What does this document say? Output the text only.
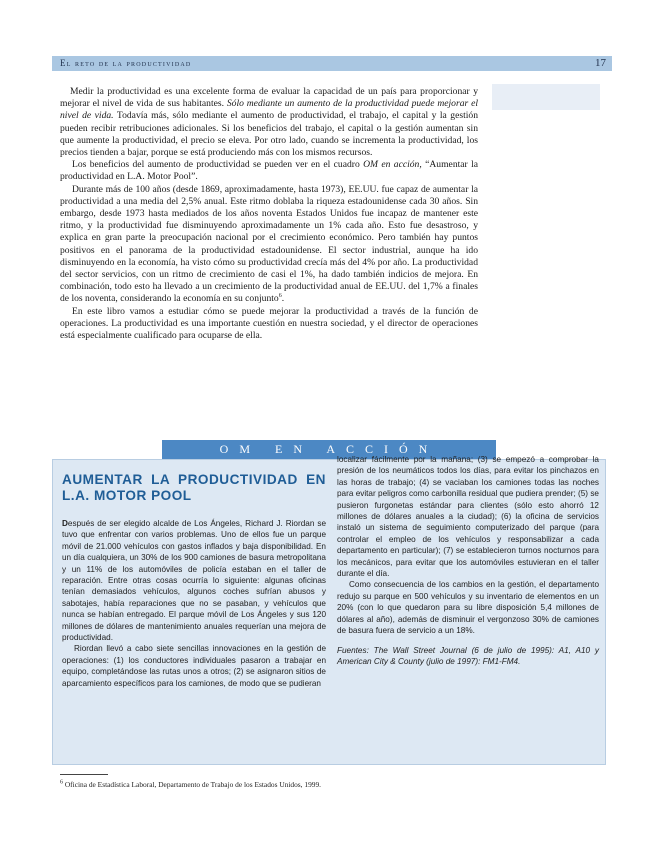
El reto de la productividad	17

Medir la productividad es una excelente forma de evaluar la capacidad de un país para proporcionar y mejorar el nivel de vida de sus habitantes. Sólo mediante un aumento de la productividad puede mejorar el nivel de vida. Todavía más, sólo mediante el aumento de productividad, el trabajo, el capital y la gestión pueden recibir retribuciones adicionales. Si los beneficios del trabajo, el capital o la gestión aumentan sin que aumente la productividad, el precio se eleva. Por otro lado, cuando se incrementa la productividad, los precios tienden a bajar, porque se está produciendo más con los mismos recursos.

Los beneficios del aumento de productividad se pueden ver en el cuadro OM en acción, “Aumentar la productividad en L.A. Motor Pool”.

Durante más de 100 años (desde 1869, aproximadamente, hasta 1973), EE.UU. fue capaz de aumentar la productividad a una media del 2,5% anual. Este ritmo doblaba la riqueza estadounidense cada 30 años. Sin embargo, desde 1973 hasta mediados de los años noventa Estados Unidos fue incapaz de mantener este ritmo, y la productividad fue disminuyendo aproximadamente un 1% cada año. Esto fue desastroso, y explica en gran parte la preocupación nacional por el crecimiento económico. Pero también hay puntos positivos en el panorama de la productividad estadounidense. El sector industrial, aunque ha ido disminuyendo en la economía, ha visto cómo su productividad crecía más del 4% por año. La productividad del sector servicios, con un ritmo de crecimiento de casi el 1%, ha dado también indicios de mejora. En combinación, todo esto ha llevado a un crecimiento de la productividad anual de EE.UU. del 1,7% a finales de los noventa, considerando la economía en su conjunto$^6$.

En este libro vamos a estudiar cómo se puede mejorar la productividad a través de la función de operaciones. La productividad es una importante cuestión en nuestra sociedad, y el director de operaciones está especialmente cualificado para ocuparse de ella.

OM EN ACCIÓN
AUMENTAR LA PRODUCTIVIDAD EN L.A. MOTOR POOL

Después de ser elegido alcalde de Los Ángeles, Richard J. Riordan se tuvo que enfrentar con varios problemas. Uno de ellos fue un parque móvil de 21.000 vehículos con gastos inflados y baja disponibilidad. En un día cualquiera, un 30% de los 900 camiones de basura metropolitana y un 11% de los automóviles de policía estaban en el taller de reparación. Entre otras cosas ocurría lo siguiente: algunas oficinas tenían demasiados vehículos, algunos coches sufrían abusos y sabotajes, había reparaciones que no se pasaban, y vehículos que nunca se habían entregado. El parque móvil de Los Ángeles y sus 120 millones de dólares de mantenimiento anuales requerían una mejora de productividad.

Riordan llevó a cabo siete sencillas innovaciones en la gestión de operaciones: (1) los conductores individuales pasaron a trabajar en equipo, completándose las rutas unos a otros; (2) se asignaron sitios de aparcamiento específicos para los camiones, de modo que se pudieran

localizar fácilmente por la mañana; (3) se empezó a comprobar la presión de los neumáticos todos los días, para evitar los pinchazos en las horas de trabajo; (4) se vaciaban los camiones todas las noches para evitar peligros como carbonilla residual que pudiera prender; (5) se pusieron furgonetas estándar para clientes (sólo esto ahorró 12 millones de dólares anuales a la ciudad); (6) la oficina de servicios instaló un sistema de seguimiento computerizado del parque (para controlar el empleo de los vehículos y responsabilizar a cada departamento en particular); (7) se establecieron turnos nocturnos para los mecánicos, para evitar que los automóviles estuvieran en el taller durante el día.

Como consecuencia de los cambios en la gestión, el departamento redujo su parque en 500 vehículos y su inventario de elementos en un 20% (con lo que quedaron para su libre disposición 5,4 millones de dólares al año), además de disminuir el vergonzoso 30% de camiones de basura fuera de servicio a un 18%.

Fuentes: The Wall Street Journal (6 de julio de 1995): A1, A10 y American City & County (julio de 1997): FM1-FM4.

$^6$ Oficina de Estadística Laboral, Departamento de Trabajo de los Estados Unidos, 1999.
